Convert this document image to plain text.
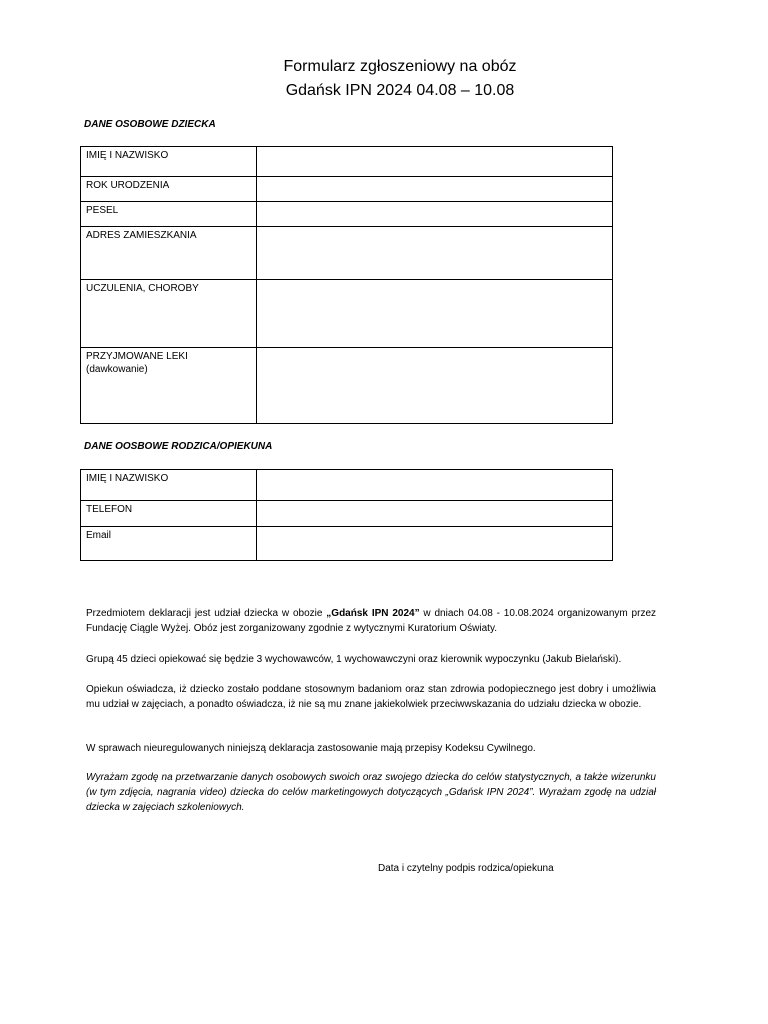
Formularz zgłoszeniowy na obóz
Gdańsk IPN 2024 04.08 – 10.08
DANE OSOBOWE DZIECKA
IMIĘ I NAZWISKO	
ROK URODZENIA	
PESEL	
ADRES ZAMIESZKANIA	
UCZULENIA, CHOROBY	

PRZYJMOWANE LEKI
(dawkowanie)	

DANE OOSBOWE RODZICA/OPIEKUNA
IMIĘ I NAZWISKO	
TELEFON	
Email	
Przedmiotem deklaracji jest udział dziecka w obozie „Gdańsk IPN 2024” w dniach 04.08 - 10.08.2024 organizowanym przez Fundację Ciągle Wyżej. Obóz jest zorganizowany zgodnie z wytycznymi Kuratorium Oświaty.
Grupą 45 dzieci opiekować się będzie 3 wychowawców, 1 wychowawczyni oraz kierownik wypoczynku (Jakub Bielański).
Opiekun oświadcza, iż dziecko zostało poddane stosownym badaniom oraz stan zdrowia podopiecznego jest dobry i umożliwia mu udział w zajęciach, a ponadto oświadcza, iż nie są mu znane jakiekolwiek przeciwwskazania do udziału dziecka w obozie.
W sprawach nieuregulowanych niniejszą deklaracja zastosowanie mają przepisy Kodeksu Cywilnego.
Wyrażam zgodę na przetwarzanie danych osobowych swoich oraz swojego dziecka do celów statystycznych, a także wizerunku (w tym zdjęcia, nagrania video) dziecka do celów marketingowych dotyczących „Gdańsk IPN 2024”. Wyrażam zgodę na udział dziecka w zajęciach szkoleniowych.
Data i czytelny podpis rodzica/opiekuna
